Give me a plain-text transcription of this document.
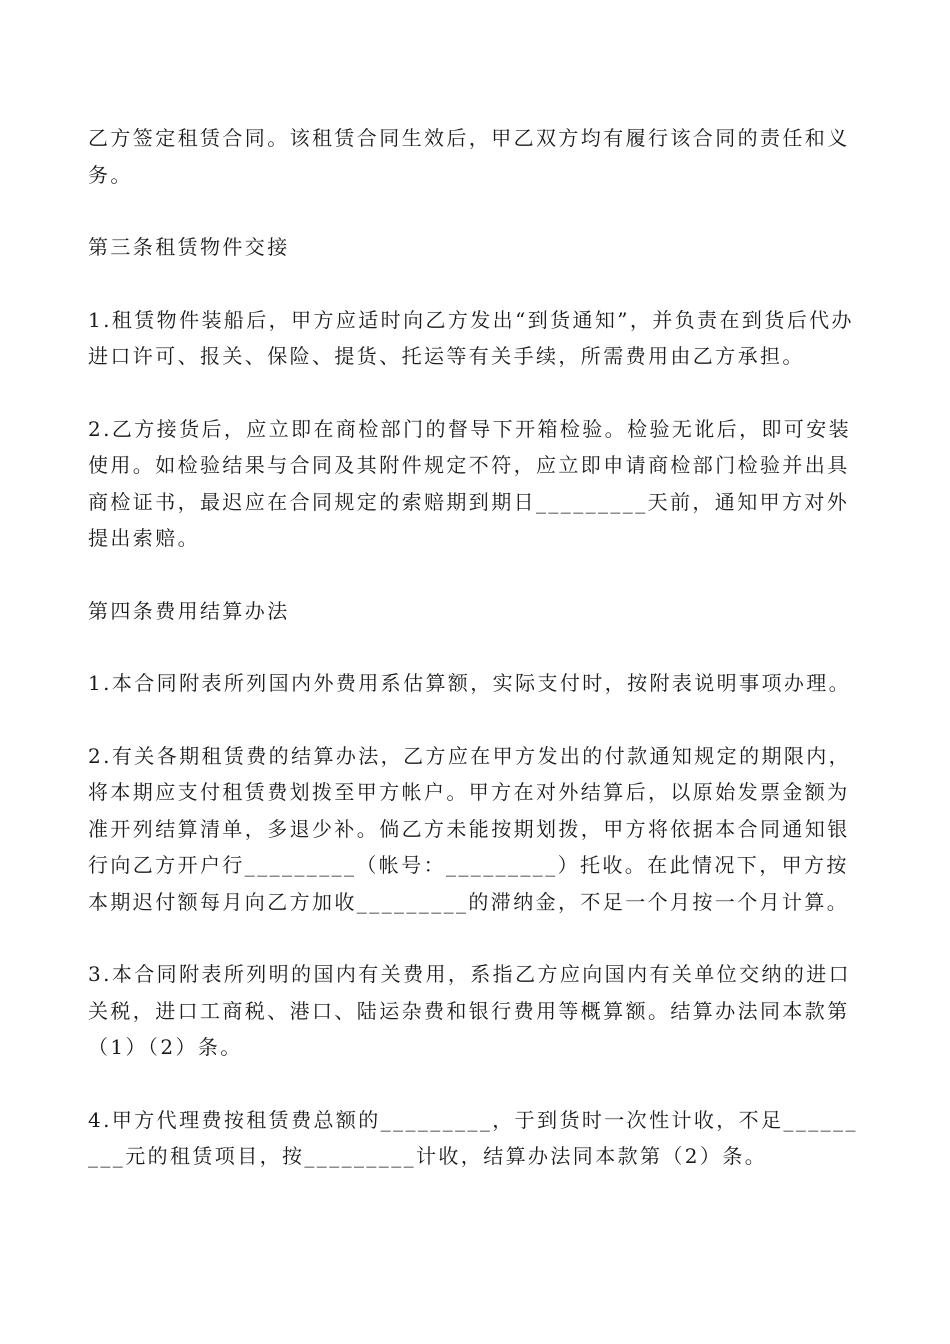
乙方签定租赁合同。该租赁合同生效后，甲乙双方均有履行该合同的责任和义务。

第三条租赁物件交接

1.租赁物件装船后，甲方应适时向乙方发出“到货通知”，并负责在到货后代办进口许可、报关、保险、提货、托运等有关手续，所需费用由乙方承担。

2.乙方接货后，应立即在商检部门的督导下开箱检验。检验无讹后，即可安装使用。如检验结果与合同及其附件规定不符，应立即申请商检部门检验并出具商检证书，最迟应在合同规定的索赔期到期日_________天前，通知甲方对外提出索赔。

第四条费用结算办法

1.本合同附表所列国内外费用系估算额，实际支付时，按附表说明事项办理。

2.有关各期租赁费的结算办法，乙方应在甲方发出的付款通知规定的期限内，将本期应支付租赁费划拨至甲方帐户。甲方在对外结算后，以原始发票金额为准开列结算清单，多退少补。倘乙方未能按期划拨，甲方将依据本合同通知银行向乙方开户行_________（帐号：_________）托收。在此情况下，甲方按本期迟付额每月向乙方加收_________的滞纳金，不足一个月按一个月计算。

3.本合同附表所列明的国内有关费用，系指乙方应向国内有关单位交纳的进口关税，进口工商税、港口、陆运杂费和银行费用等概算额。结算办法同本款第（1）（2）条。

4.甲方代理费按租赁费总额的_________，于到货时一次性计收，不足_________元的租赁项目，按_________计收，结算办法同本款第（2）条。
